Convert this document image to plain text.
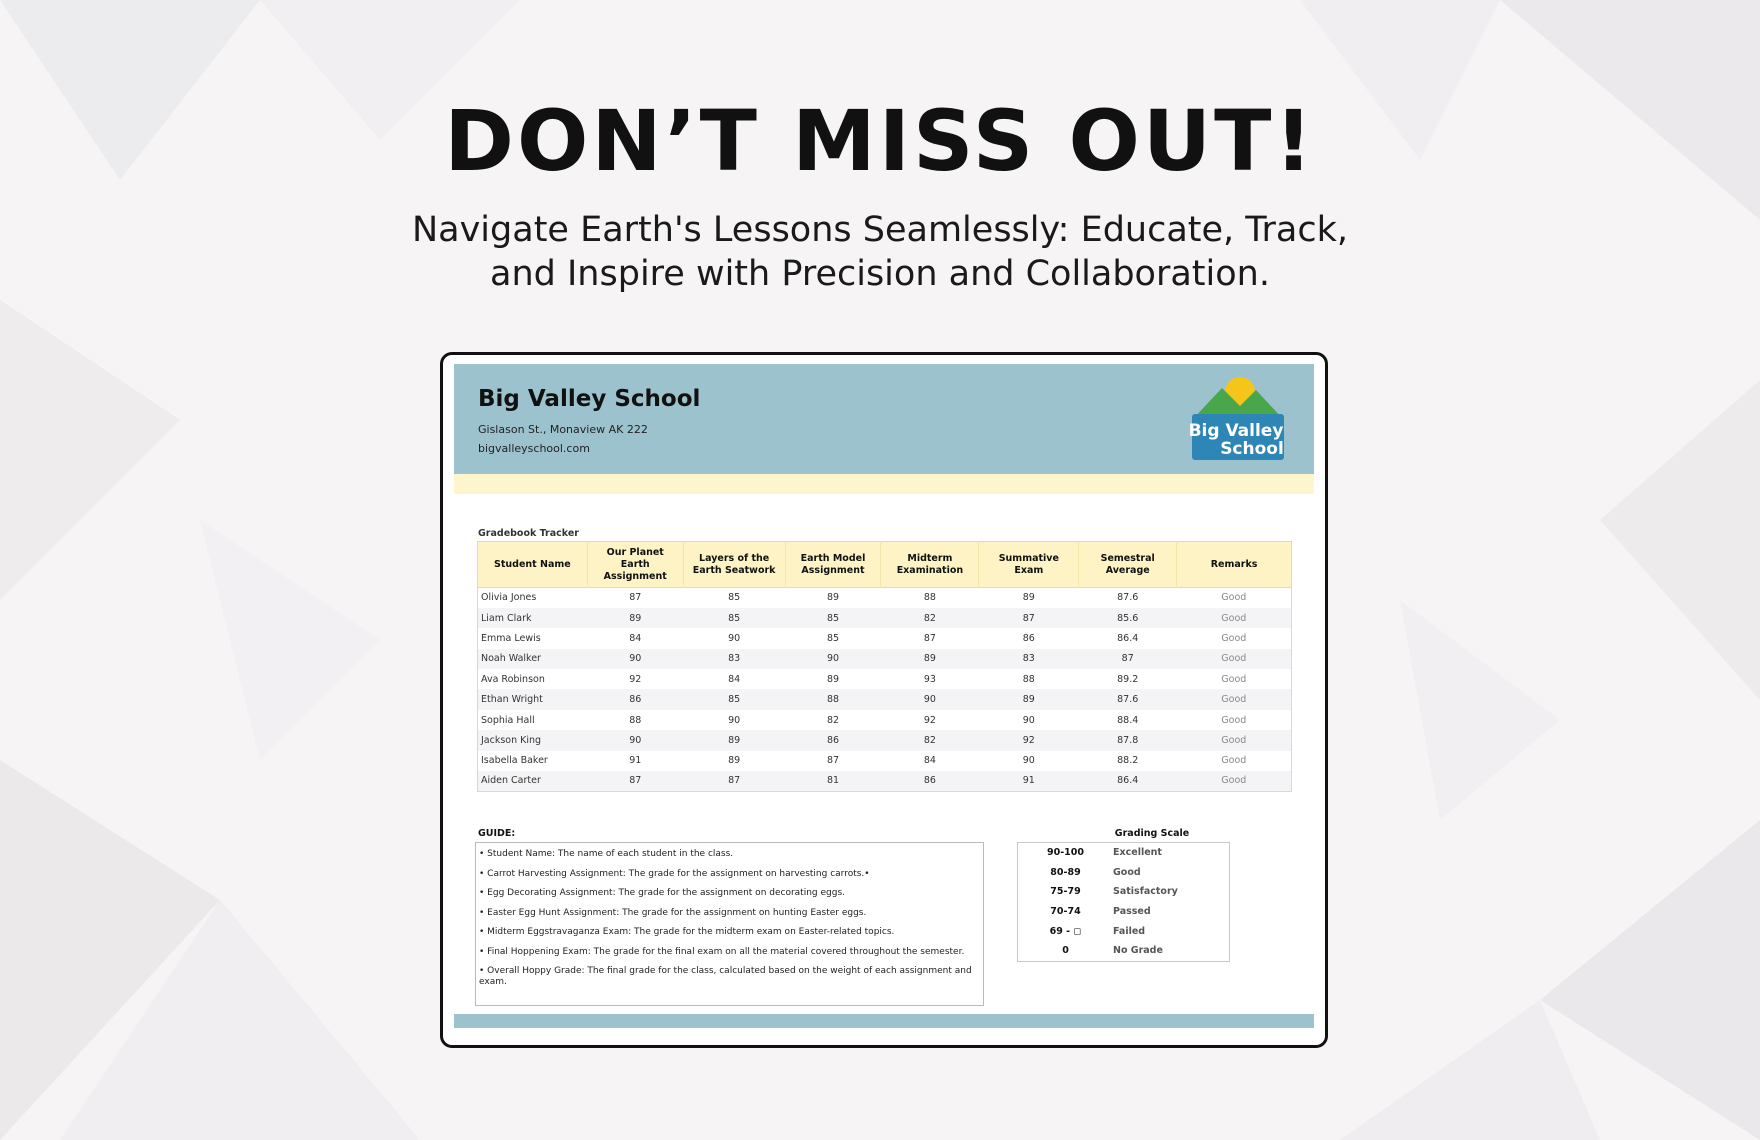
DON’T MISS OUT!
Navigate Earth's Lessons Seamlessly: Educate, Track,
and Inspire with Precision and Collaboration.
Big Valley School
Gislason St., Monaview AK 222
bigvalleyschool.com
Big Valley
School
Gradebook Tracker
Student Name	Our Planet Earth Assignment	Layers of the Earth Seatwork	Earth Model Assignment	Midterm Examination	Summative Exam	Semestral Average	Remarks
Olivia Jones	87	85	89	88	89	87.6	Good
Liam Clark	89	85	85	82	87	85.6	Good
Emma Lewis	84	90	85	87	86	86.4	Good
Noah Walker	90	83	90	89	83	87	Good
Ava Robinson	92	84	89	93	88	89.2	Good
Ethan Wright	86	85	88	90	89	87.6	Good
Sophia Hall	88	90	82	92	90	88.4	Good
Jackson King	90	89	86	82	92	87.8	Good
Isabella Baker	91	89	87	84	90	88.2	Good
Aiden Carter	87	87	81	86	91	86.4	Good
GUIDE:
• Student Name: The name of each student in the class.
• Carrot Harvesting Assignment: The grade for the assignment on harvesting carrots.•
• Egg Decorating Assignment: The grade for the assignment on decorating eggs.
• Easter Egg Hunt Assignment: The grade for the assignment on hunting Easter eggs.
• Midterm Eggstravaganza Exam: The grade for the midterm exam on Easter-related topics.
• Final Hoppening Exam: The grade for the final exam on all the material covered throughout the semester.
• Overall Hoppy Grade: The final grade for the class, calculated based on the weight of each assignment and exam.
Grading Scale
90-100	Excellent
80-89	Good
75-79	Satisfactory
70-74	Passed
69 - ◻	Failed
0	No Grade
